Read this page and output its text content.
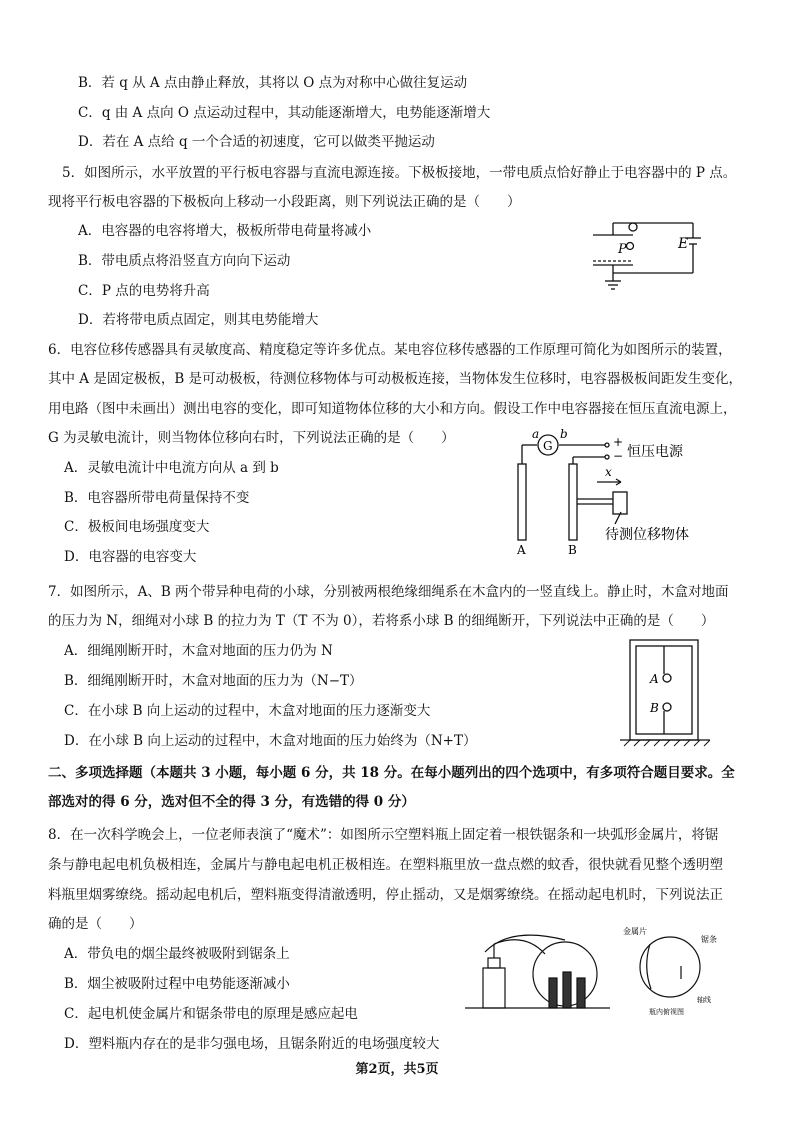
B．若 q 从 A 点由静止释放，其将以 O 点为对称中心做往复运动
C．q 由 A 点向 O 点运动过程中，其动能逐渐增大，电势能逐渐增大
D．若在 A 点给 q 一个合适的初速度，它可以做类平抛运动
5．如图所示，水平放置的平行板电容器与直流电源连接。下极板接地，一带电质点恰好静止于电容器中的 P 点。
现将平行板电容器的下极板向上移动一小段距离，则下列说法正确的是（　　）
A．电容器的电容将增大，极板所带电荷量将减小
B．带电质点将沿竖直方向向下运动
C．P 点的电势将升高
D．若将带电质点固定，则其电势能增大
P	E
6．电容位移传感器具有灵敏度高、精度稳定等许多优点。某电容位移传感器的工作原理可简化为如图所示的装置，
其中 A 是固定极板，B 是可动极板，待测位移物体与可动极板连接，当物体发生位移时，电容器极板间距发生变化，
用电路（图中未画出）测出电容的变化，即可知道物体位移的大小和方向。假设工作中电容器接在恒压直流电源上，
G 为灵敏电流计，则当物体位移向右时，下列说法正确的是（　　）
A．灵敏电流计中电流方向从 a 到 b
B．电容器所带电荷量保持不变
C．极板间电场强度变大
D．电容器的电容变大
G
a b
+
− 恒压电源
x
待测位移物体
A	B
7．如图所示，A、B 两个带异种电荷的小球，分别被两根绝缘细绳系在木盒内的一竖直线上。静止时，木盒对地面
的压力为 N，细绳对小球 B 的拉力为 T（T 不为 0），若将系小球 B 的细绳断开，下列说法中正确的是（　　）
A．细绳刚断开时，木盒对地面的压力仍为 N
B．细绳刚断开时，木盒对地面的压力为（N−T）
C．在小球 B 向上运动的过程中，木盒对地面的压力逐渐变大
D．在小球 B 向上运动的过程中，木盒对地面的压力始终为（N+T）
A
B
二、多项选择题（本题共 3 小题，每小题 6 分，共 18 分。在每小题列出的四个选项中，有多项符合题目要求。全
部选对的得 6 分，选对但不全的得 3 分，有选错的得 0 分）
8．在一次科学晚会上，一位老师表演了“魔术”：如图所示空塑料瓶上固定着一根铁锯条和一块弧形金属片，将锯
条与静电起电机负极相连，金属片与静电起电机正极相连。在塑料瓶里放一盘点燃的蚊香，很快就看见整个透明塑
料瓶里烟雾缭绕。摇动起电机后，塑料瓶变得清澈透明，停止摇动，又是烟雾缭绕。在摇动起电机时，下列说法正
确的是（　　）
A．带负电的烟尘最终被吸附到锯条上
B．烟尘被吸附过程中电势能逐渐减小
C．起电机使金属片和锯条带电的原理是感应起电
D．塑料瓶内存在的是非匀强电场，且锯条附近的电场强度较大
金属片
锯条
轴线
瓶内俯视图
第2页，共5页
